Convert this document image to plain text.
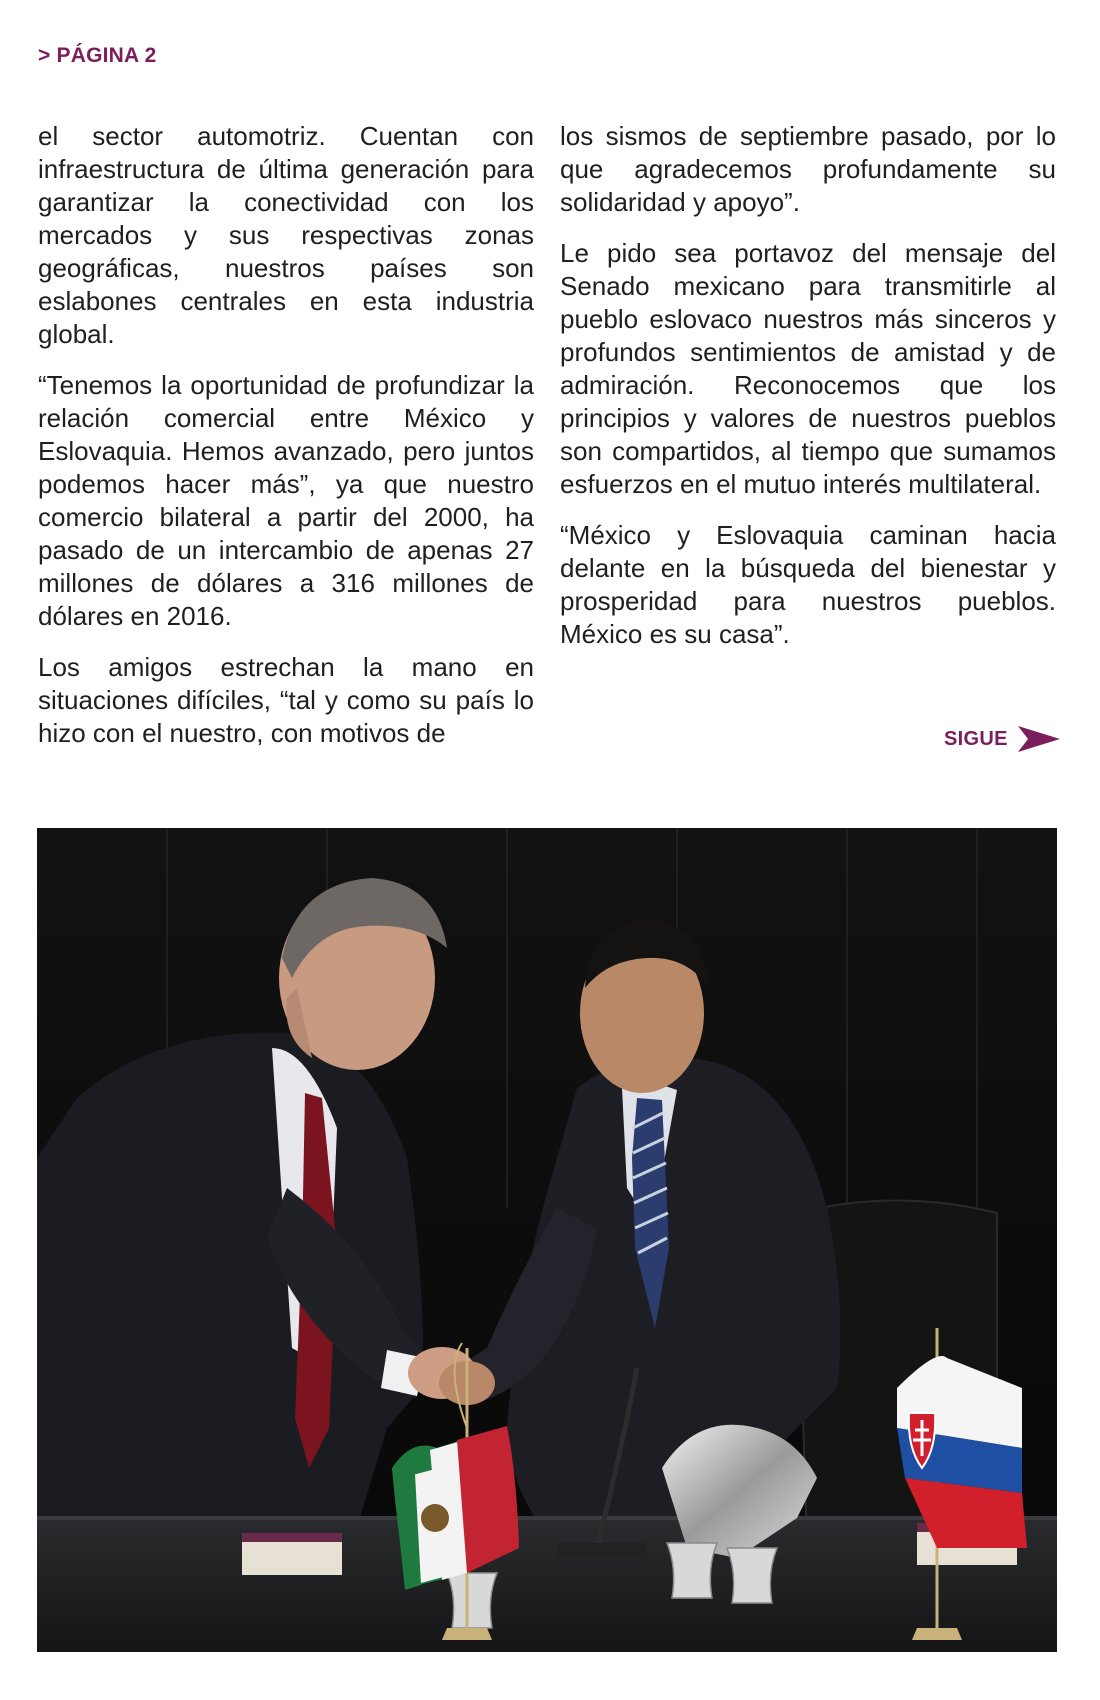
> PÁGINA 2

el sector automotriz. Cuentan con infraestructura de última generación para garantizar la conectividad con los mercados y sus respectivas zonas geográficas, nuestros países son eslabones centrales en esta industria global.

“Tenemos la oportunidad de profundizar la relación comercial entre México y Eslovaquia. Hemos avanzado, pero juntos podemos hacer más”, ya que nuestro comercio bilateral a partir del 2000, ha pasado de un intercambio de apenas 27 millones de dólares a 316 millones de dólares en 2016.

Los amigos estrechan la mano en situaciones difíciles, “tal y como su país lo hizo con el nuestro, con motivos de

los sismos de septiembre pasado, por lo que agradecemos profundamente su solidaridad y apoyo”.

Le pido sea portavoz del mensaje del Senado mexicano para transmitirle al pueblo eslovaco nuestros más sinceros y profundos sentimientos de amistad y de admiración. Reconocemos que los principios y valores de nuestros pueblos son compartidos, al tiempo que sumamos esfuerzos en el mutuo interés multilateral.

“México y Eslovaquia caminan hacia delante en la búsqueda del bienestar y prosperidad para nuestros pueblos. México es su casa”.

SIGUE
